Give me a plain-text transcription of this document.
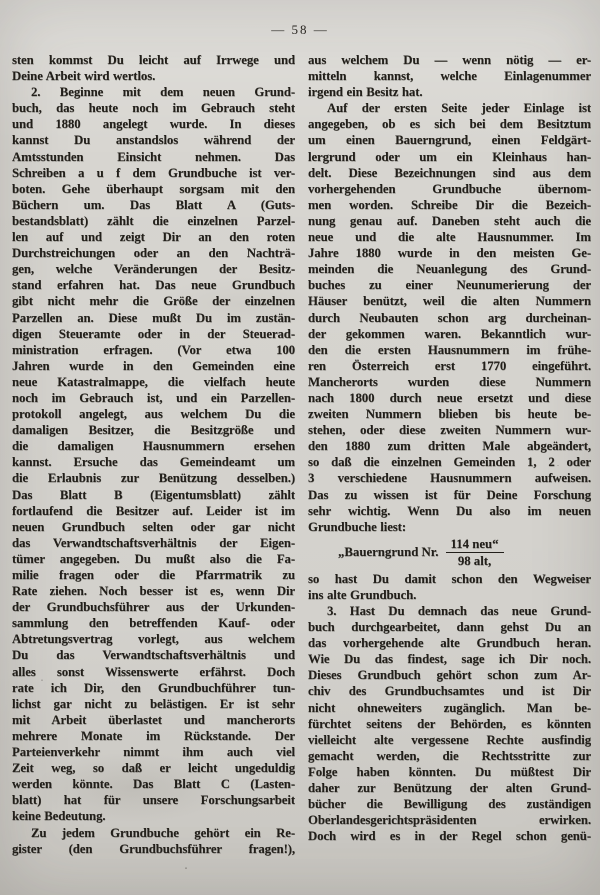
— 58 —
sten kommst Du leicht auf Irrwege und
Deine Arbeit wird wertlos.
2. Beginne mit dem neuen Grund-
buch, das heute noch im Gebrauch steht
und 1880 angelegt wurde. In dieses
kannst Du anstandslos während der
Amtsstunden Einsicht nehmen. Das
Schreiben a u f dem Grundbuche ist ver-
boten. Gehe überhaupt sorgsam mit den
Büchern um. Das Blatt A (Guts-
bestandsblatt) zählt die einzelnen Parzel-
len auf und zeigt Dir an den roten
Durchstreichungen oder an den Nachträ-
gen, welche Veränderungen der Besitz-
stand erfahren hat. Das neue Grundbuch
gibt nicht mehr die Größe der einzelnen
Parzellen an. Diese mußt Du im zustän-
digen Steueramte oder in der Steuerad-
ministration erfragen. (Vor etwa 100
Jahren wurde in den Gemeinden eine
neue Katastralmappe, die vielfach heute
noch im Gebrauch ist, und ein Parzellen-
protokoll angelegt, aus welchem Du die
damaligen Besitzer, die Besitzgröße und
die damaligen Hausnummern ersehen
kannst. Ersuche das Gemeindeamt um
die Erlaubnis zur Benützung desselben.)
Das Blatt B (Eigentumsblatt) zählt
fortlaufend die Besitzer auf. Leider ist im
neuen Grundbuch selten oder gar nicht
das Verwandtschaftsverhältnis der Eigen-
tümer angegeben. Du mußt also die Fa-
milie fragen oder die Pfarrmatrik zu
Rate ziehen. Noch besser ist es, wenn Dir
der Grundbuchsführer aus der Urkunden-
sammlung den betreffenden Kauf- oder
Abtretungsvertrag vorlegt, aus welchem
Du das Verwandtschaftsverhältnis und
alles sonst Wissenswerte erfährst. Doch
rate ich Dir, den Grundbuchführer tun-
lichst gar nicht zu belästigen. Er ist sehr
mit Arbeit überlastet und mancherorts
mehrere Monate im Rückstande. Der
Parteienverkehr nimmt ihm auch viel
Zeit weg, so daß er leicht ungeduldig
werden könnte. Das Blatt C (Lasten-
blatt) hat für unsere Forschungsarbeit
keine Bedeutung.
Zu jedem Grundbuche gehört ein Re-
gister (den Grundbuchsführer fragen!),
aus welchem Du — wenn nötig — er-
mitteln kannst, welche Einlagenummer
irgend ein Besitz hat.
Auf der ersten Seite jeder Einlage ist
angegeben, ob es sich bei dem Besitztum
um einen Bauerngrund, einen Feldgärt-
lergrund oder um ein Kleinhaus han-
delt. Diese Bezeichnungen sind aus dem
vorhergehenden Grundbuche übernom-
men worden. Schreibe Dir die Bezeich-
nung genau auf. Daneben steht auch die
neue und die alte Hausnummer. Im
Jahre 1880 wurde in den meisten Ge-
meinden die Neuanlegung des Grund-
buches zu einer Neunumerierung der
Häuser benützt, weil die alten Nummern
durch Neubauten schon arg durcheinan-
der gekommen waren. Bekanntlich wur-
den die ersten Hausnummern im frühe-
ren Österreich erst 1770 eingeführt.
Mancherorts wurden diese Nummern
nach 1800 durch neue ersetzt und diese
zweiten Nummern blieben bis heute be-
stehen, oder diese zweiten Nummern wur-
den 1880 zum dritten Male abgeändert,
so daß die einzelnen Gemeinden 1, 2 oder
3 verschiedene Hausnummern aufweisen.
Das zu wissen ist für Deine Forschung
sehr wichtig. Wenn Du also im neuen
Grundbuche liest:
„Bauerngrund Nr. $\frac{\text{114 neu“}}{\text{98 alt,}}$
so hast Du damit schon den Wegweiser
ins alte Grundbuch.
3. Hast Du demnach das neue Grund-
buch durchgearbeitet, dann gehst Du an
das vorhergehende alte Grundbuch heran.
Wie Du das findest, sage ich Dir noch.
Dieses Grundbuch gehört schon zum Ar-
chiv des Grundbuchsamtes und ist Dir
nicht ohneweiters zugänglich. Man be-
fürchtet seitens der Behörden, es könnten
vielleicht alte vergessene Rechte ausfindig
gemacht werden, die Rechtsstritte zur
Folge haben könnten. Du müßtest Dir
daher zur Benützung der alten Grund-
bücher die Bewilligung des zuständigen
Oberlandesgerichtspräsidenten erwirken.
Doch wird es in der Regel schon genü-
